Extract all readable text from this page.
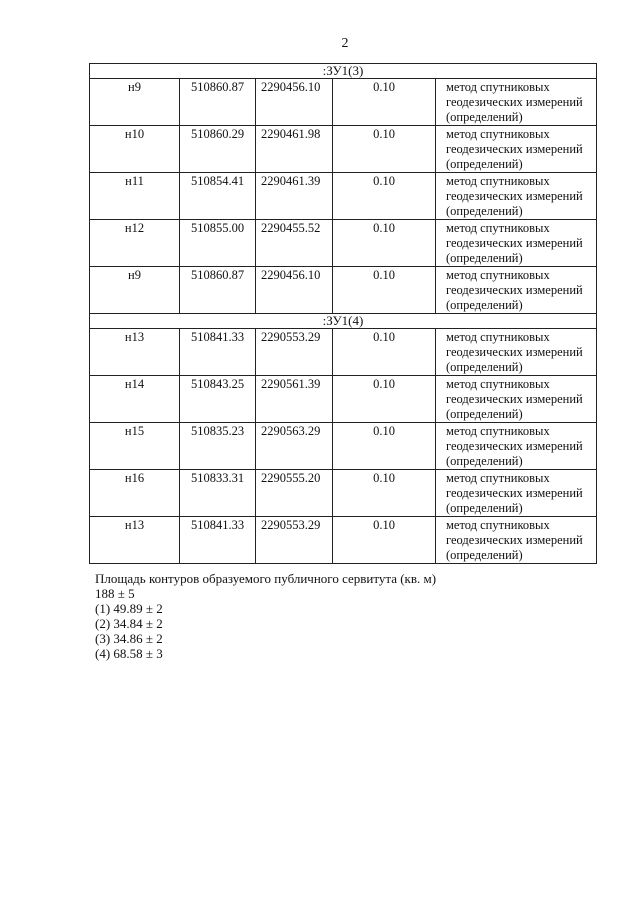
2
:ЗУ1(3)				
н9	510860.87	2290456.10	0.10	метод спутниковых геодезических измерений (определений)
н10	510860.29	2290461.98	0.10	метод спутниковых геодезических измерений (определений)
н11	510854.41	2290461.39	0.10	метод спутниковых геодезических измерений (определений)
н12	510855.00	2290455.52	0.10	метод спутниковых геодезических измерений (определений)
н9	510860.87	2290456.10	0.10	метод спутниковых геодезических измерений (определений)
:ЗУ1(4)				
н13	510841.33	2290553.29	0.10	метод спутниковых геодезических измерений (определений)
н14	510843.25	2290561.39	0.10	метод спутниковых геодезических измерений (определений)
н15	510835.23	2290563.29	0.10	метод спутниковых геодезических измерений (определений)
н16	510833.31	2290555.20	0.10	метод спутниковых геодезических измерений (определений)
н13	510841.33	2290553.29	0.10	метод спутниковых геодезических измерений (определений)
Площадь контуров образуемого публичного сервитута (кв. м)
188 ± 5
(1) 49.89 ± 2
(2) 34.84 ± 2
(3) 34.86 ± 2
(4) 68.58 ± 3
